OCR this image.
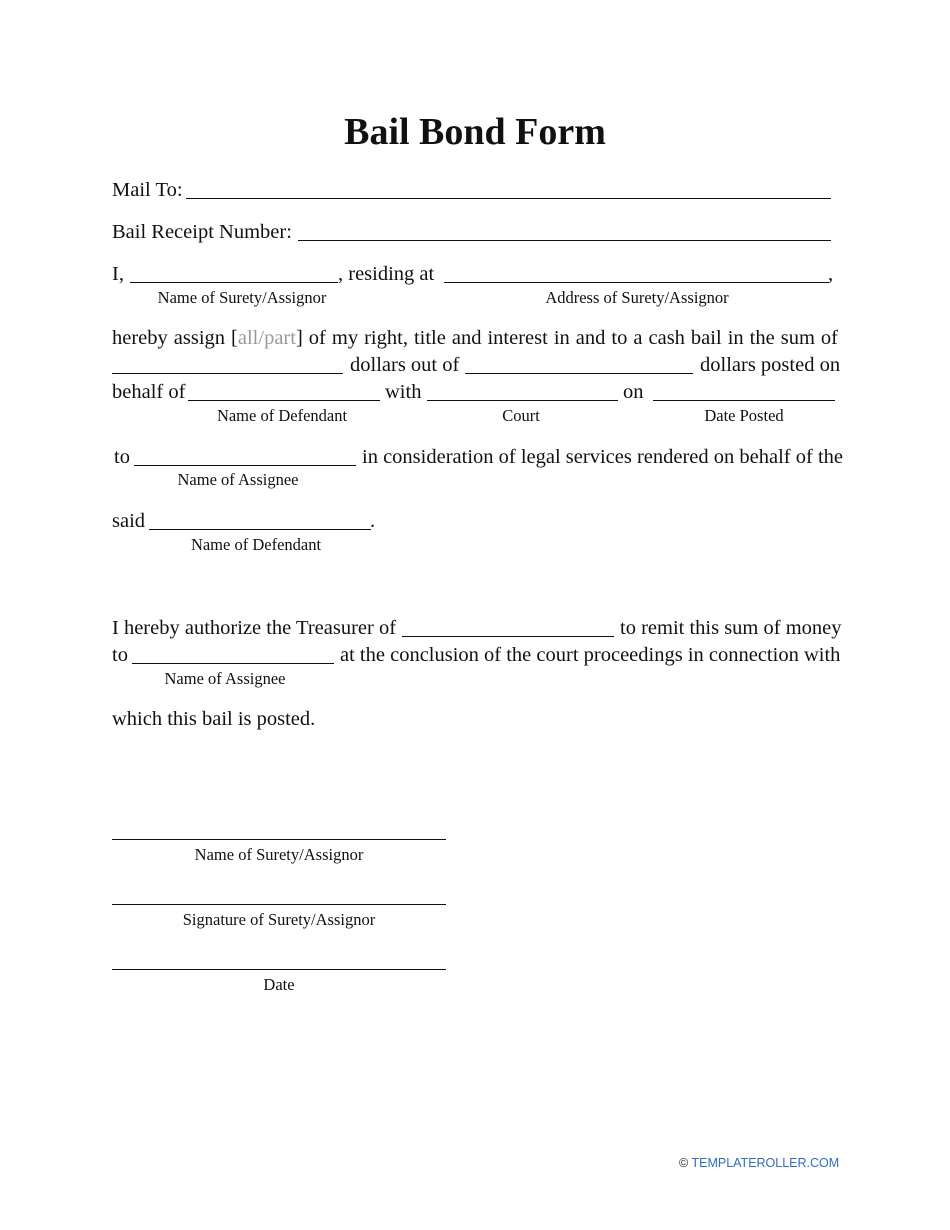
Bail Bond Form
Mail To:
Bail Receipt Number:
I,	, residing at	,
Name of Surety/Assignor	Address of Surety/Assignor
hereby assign [all/part] of my right, title and interest in and to a cash bail in the sum of
dollars out of	dollars posted on
behalf of	with	on
Name of Defendant	Court	Date Posted
to	in consideration of legal services rendered on behalf of the
Name of Assignee
said	.
Name of Defendant
I hereby authorize the Treasurer of	to remit this sum of money
to	at the conclusion of the court proceedings in connection with
Name of Assignee
which this bail is posted.
Name of Surety/Assignor
Signature of Surety/Assignor
Date
© TEMPLATEROLLER.COM
